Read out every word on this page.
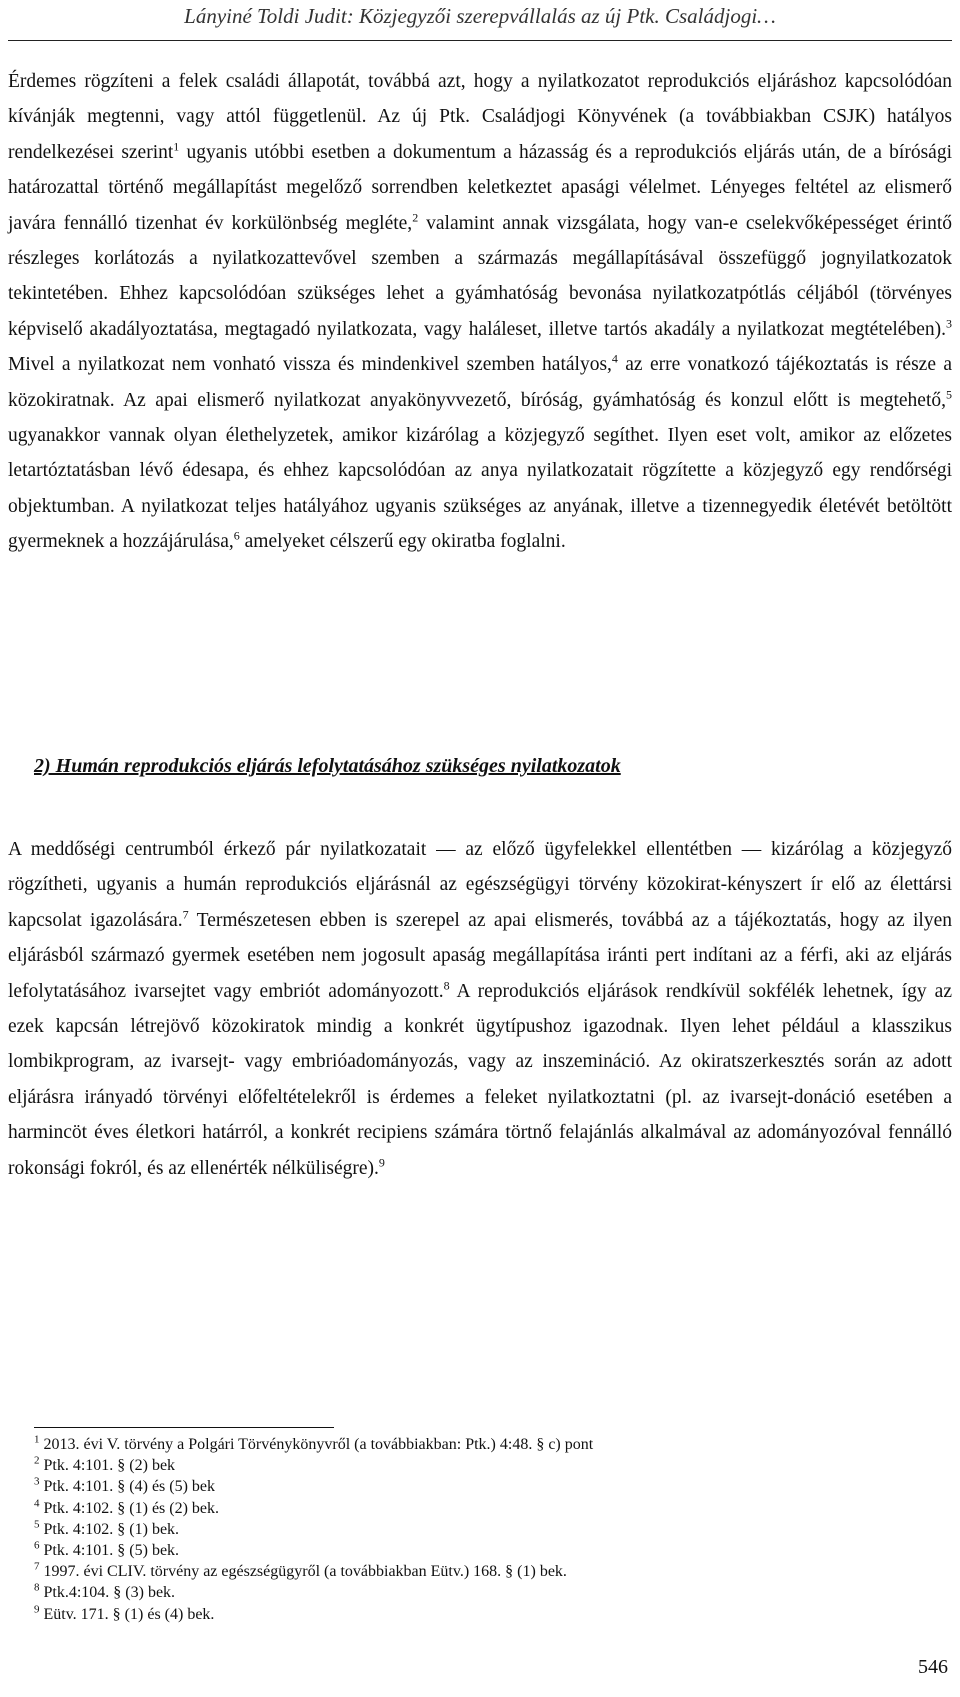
Lányiné Toldi Judit: Közjegyzői szerepvállalás az új Ptk. Családjogi…

Érdemes rögzíteni a felek családi állapotát, továbbá azt, hogy a nyilatkozatot reprodukciós eljáráshoz kapcsolódóan kívánják megtenni, vagy attól függetlenül. Az új Ptk. Családjogi Könyvének (a továbbiakban CSJK) hatályos rendelkezései szerint$^1$ ugyanis utóbbi esetben a dokumentum a házasság és a reprodukciós eljárás után, de a bírósági határozattal történő megállapítást megelőző sorrendben keletkeztet apasági vélelmet. Lényeges feltétel az elismerő javára fennálló tizenhat év korkülönbség megléte,$^2$ valamint annak vizsgálata, hogy van-e cselekvőképességet érintő részleges korlátozás a nyilatkozattevővel szemben a származás megállapításával összefüggő jognyilatkozatok tekintetében. Ehhez kapcsolódóan szükséges lehet a gyámhatóság bevonása nyilatkozatpótlás céljából (törvényes képviselő akadályoztatása, megtagadó nyilatkozata, vagy haláleset, illetve tartós akadály a nyilatkozat megtételében).$^3$ Mivel a nyilatkozat nem vonható vissza és mindenkivel szemben hatályos,$^4$ az erre vonatkozó tájékoztatás is része a közokiratnak. Az apai elismerő nyilatkozat anyakönyvvezető, bíróság, gyámhatóság és konzul előtt is megtehető,$^5$ ugyanakkor vannak olyan élethelyzetek, amikor kizárólag a közjegyző segíthet. Ilyen eset volt, amikor az előzetes letartóztatásban lévő édesapa, és ehhez kapcsolódóan az anya nyilatkozatait rögzítette a közjegyző egy rendőrségi objektumban. A nyilatkozat teljes hatályához ugyanis szükséges az anyának, illetve a tizennegyedik életévét betöltött gyermeknek a hozzájárulása,$^6$ amelyeket célszerű egy okiratba foglalni.

2) Humán reprodukciós eljárás lefolytatásához szükséges nyilatkozatok

A meddőségi centrumból érkező pár nyilatkozatait ― az előző ügyfelekkel ellentétben ― kizárólag a közjegyző rögzítheti, ugyanis a humán reprodukciós eljárásnál az egészségügyi törvény közokirat-kényszert ír elő az élettársi kapcsolat igazolására.$^7$ Természetesen ebben is szerepel az apai elismerés, továbbá az a tájékoztatás, hogy az ilyen eljárásból származó gyermek esetében nem jogosult apaság megállapítása iránti pert indítani az a férfi, aki az eljárás lefolytatásához ivarsejtet vagy embriót adományozott.$^8$ A reprodukciós eljárások rendkívül sokfélék lehetnek, így az ezek kapcsán létrejövő közokiratok mindig a konkrét ügytípushoz igazodnak. Ilyen lehet például a klasszikus lombikprogram, az ivarsejt- vagy embrióadományozás, vagy az inszemináció. Az okiratszerkesztés során az adott eljárásra irányadó törvényi előfeltételekről is érdemes a feleket nyilatkoztatni (pl. az ivarsejt-donáció esetében a harmincöt éves életkori határról, a konkrét recipiens számára törtnő felajánlás alkalmával az adományozóval fennálló rokonsági fokról, és az ellenérték nélküliségre).$^9$

$^1$ 2013. évi V. törvény a Polgári Törvénykönyvről (a továbbiakban: Ptk.) 4:48. § c) pont
$^2$ Ptk. 4:101. § (2) bek
$^3$ Ptk. 4:101. § (4) és (5) bek
$^4$ Ptk. 4:102. § (1) és (2) bek.
$^5$ Ptk. 4:102. § (1) bek.
$^6$ Ptk. 4:101. § (5) bek.
$^7$ 1997. évi CLIV. törvény az egészségügyről (a továbbiakban Eütv.) 168. § (1) bek.
$^8$ Ptk.4:104. § (3) bek.
$^9$ Eütv. 171. § (1) és (4) bek.
546
